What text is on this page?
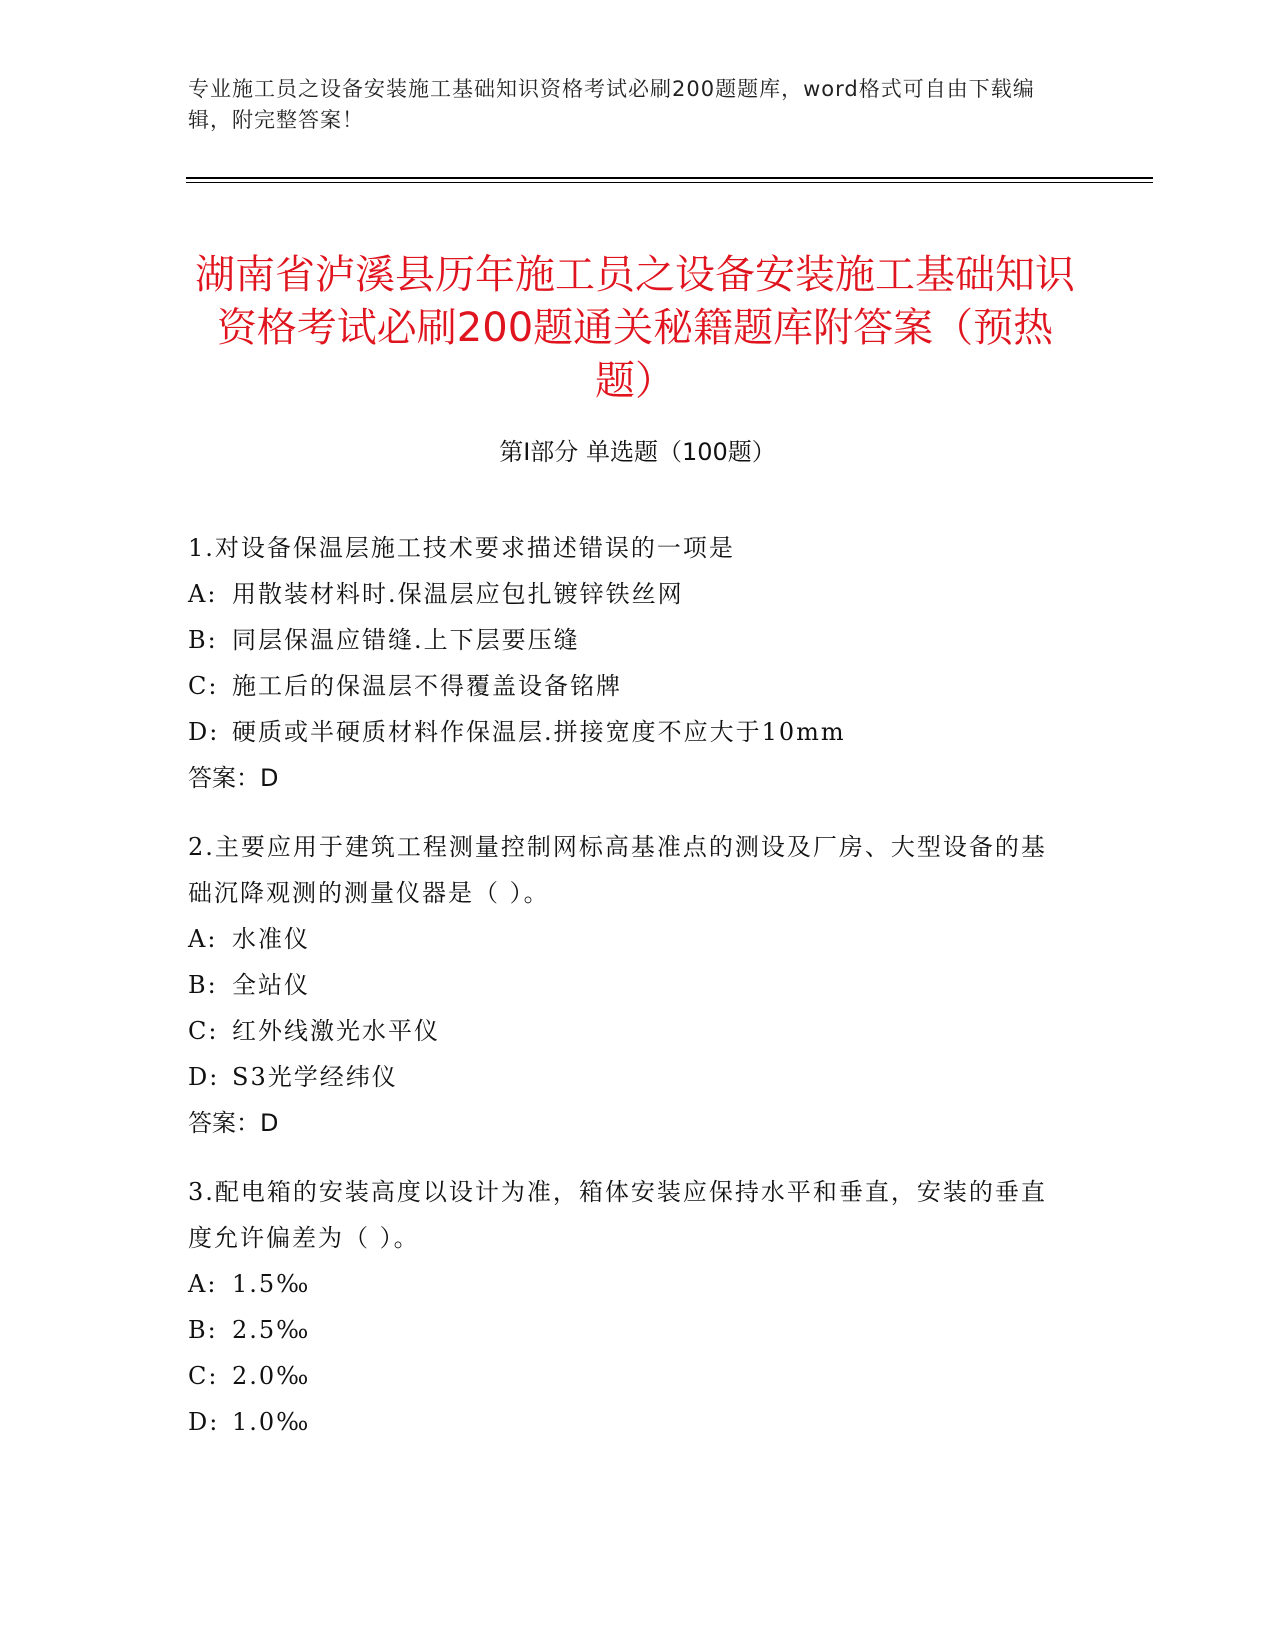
专业施工员之设备安装施工基础知识资格考试必刷200题题库，word格式可自由下载编辑，附完整答案！
湖南省泸溪县历年施工员之设备安装施工基础知识资格考试必刷200题通关秘籍题库附答案（预热题）
第I部分 单选题（100题）
1.对设备保温层施工技术要求描述错误的一项是
A: 用散装材料时.保温层应包扎镀锌铁丝网
B: 同层保温应错缝.上下层要压缝
C: 施工后的保温层不得覆盖设备铭牌
D: 硬质或半硬质材料作保温层.拼接宽度不应大于10mm
答案：D
2.主要应用于建筑工程测量控制网标高基准点的测设及厂房、大型设备的基础沉降观测的测量仪器是（ ）。
A: 水准仪
B: 全站仪
C: 红外线激光水平仪
D: S3光学经纬仪
答案：D
3.配电箱的安装高度以设计为准，箱体安装应保持水平和垂直，安装的垂直度允许偏差为（ ）。
A: 1.5‰
B: 2.5‰
C: 2.0‰
D: 1.0‰
